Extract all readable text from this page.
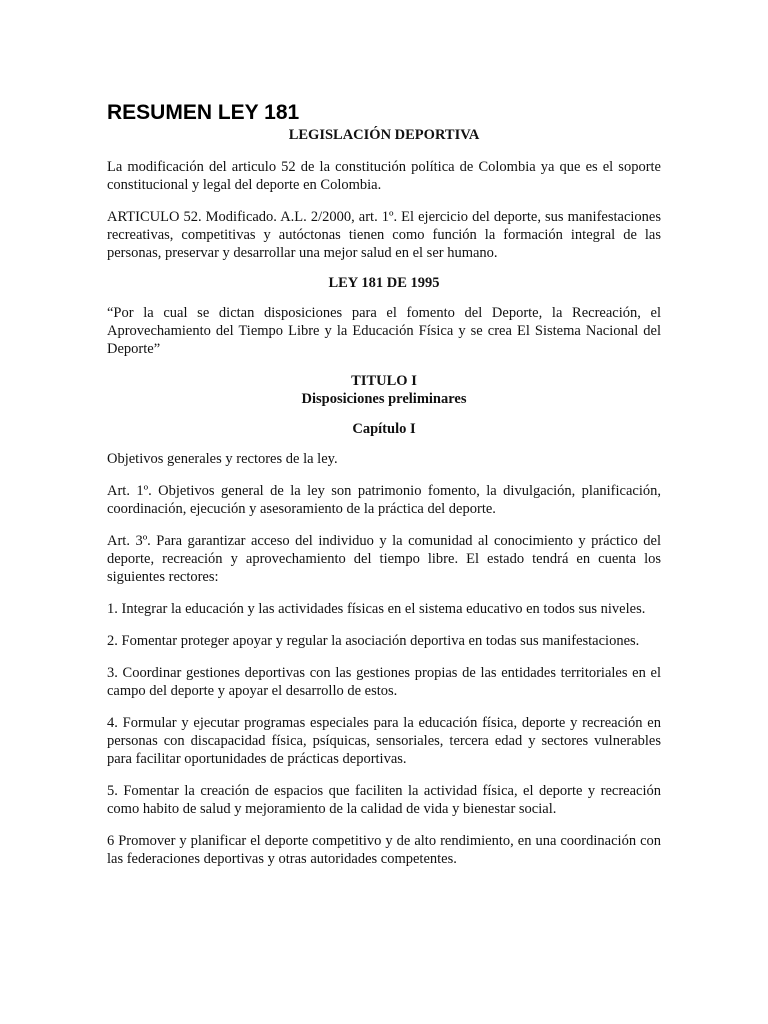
RESUMEN LEY 181
LEGISLACIÓN DEPORTIVA

La modificación del articulo 52 de la constitución política de Colombia ya que es el soporte constitucional y legal del deporte en Colombia.

ARTICULO 52. Modificado. A.L. 2/2000, art. 1º. El ejercicio del deporte, sus manifestaciones recreativas, competitivas y autóctonas tienen como función la formación integral de las personas, preservar y desarrollar una mejor salud en el ser humano.

LEY 181 DE 1995

“Por la cual se dictan disposiciones para el fomento del Deporte, la Recreación, el Aprovechamiento del Tiempo Libre y la Educación Física y se crea El Sistema Nacional del Deporte”

TITULO I
Disposiciones preliminares
Capítulo I

Objetivos generales y rectores de la ley.

Art. 1º. Objetivos general de la ley son patrimonio fomento, la divulgación, planificación, coordinación, ejecución y asesoramiento de la práctica del deporte.

Art. 3º. Para garantizar acceso del individuo y la comunidad al conocimiento y práctico del deporte, recreación y aprovechamiento del tiempo libre. El estado tendrá en cuenta los siguientes rectores:

1. Integrar la educación y las actividades físicas en el sistema educativo en todos sus niveles.

2. Fomentar proteger apoyar y regular la asociación deportiva en todas sus manifestaciones.

3. Coordinar gestiones deportivas con las gestiones propias de las entidades territoriales en el campo del deporte y apoyar el desarrollo de estos.

4. Formular y ejecutar programas especiales para la educación física, deporte y recreación en personas con discapacidad física, psíquicas, sensoriales, tercera edad y sectores vulnerables para facilitar oportunidades de prácticas deportivas.

5. Fomentar la creación de espacios que faciliten la actividad física, el deporte y recreación como habito de salud y mejoramiento de la calidad de vida y bienestar social.

6 Promover y planificar el deporte competitivo y de alto rendimiento, en una coordinación con las federaciones deportivas y otras autoridades competentes.
